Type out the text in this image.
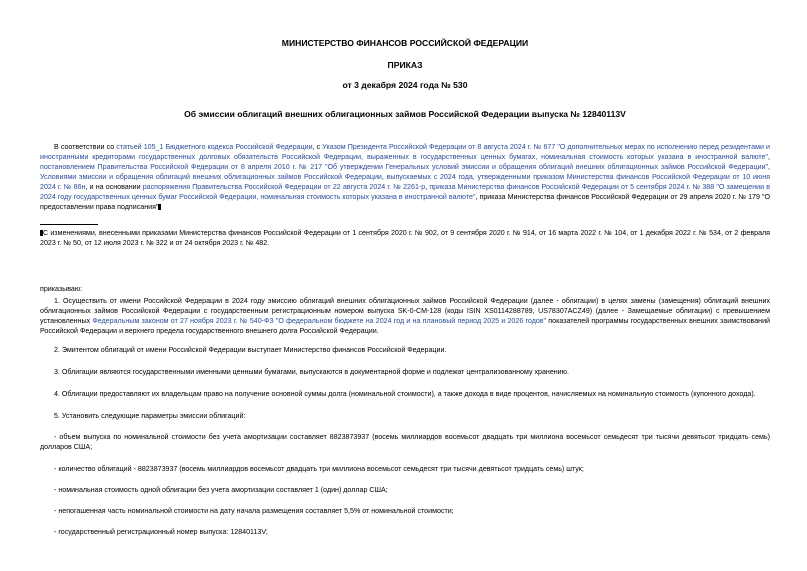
МИНИСТЕРСТВО ФИНАНСОВ РОССИЙСКОЙ ФЕДЕРАЦИИ
ПРИКАЗ
от 3 декабря 2024 года № 530
Об эмиссии облигаций внешних облигационных займов Российской Федерации выпуска № 12840113V
В соответствии со статьей 105_1 Бюджетного кодекса Российской Федерации, с Указом Президента Российской Федерации от 8 августа 2024 г. № 677 "О дополнительных мерах по исполнению перед резидентами и иностранными кредиторами государственных долговых обязательств Российской Федерации, выраженных в государственных ценных бумагах, номинальная стоимость которых указана в иностранной валюте", постановлением Правительства Российской Федерации от 8 апреля 2010 г. № 217 "Об утверждении Генеральных условий эмиссии и обращения облигаций внешних облигационных займов Российской Федерации", Условиями эмиссии и обращения облигаций внешних облигационных займов Российской Федерации, выпускаемых с 2024 года, утвержденными приказом Министерства финансов Российской Федерации от 10 июня 2024 г. № 86н, и на основании распоряжения Правительства Российской Федерации от 22 августа 2024 г. № 2261-р, приказа Министерства финансов Российской Федерации от 5 сентября 2024 г. № 388 "О замещении в 2024 году государственных ценных бумаг Российской Федерации, номинальная стоимость которых указана в иностранной валюте", приказа Министерства финансов Российской Федерации от 29 апреля 2020 г. № 179 "О предоставлении права подписания"
С изменениями, внесенными приказами Министерства финансов Российской Федерации от 1 сентября 2020 г. № 902, от 9 сентября 2020 г. № 914, от 16 марта 2022 г. № 104, от 1 декабря 2022 г. № 534, от 2 февраля 2023 г. № 50, от 12 июля 2023 г. № 322 и от 24 октября 2023 г. № 482.
приказываю:
1. Осуществить от имени Российской Федерации в 2024 году эмиссию облигаций внешних облигационных займов Российской Федерации (далее - облигации) в целях замены (замещения) облигаций внешних облигационных займов Российской Федерации с государственным регистрационным номером выпуска SK-0-CM-128 (коды ISIN XS0114288789, US78307ACZ49) (далее - Замещаемые облигации) с превышением установленных Федеральным законом от 27 ноября 2023 г. № 540-ФЗ "О федеральном бюджете на 2024 год и на плановый период 2025 и 2026 годов" показателей программы государственных внешних заимствований Российской Федерации и верхнего предела государственного внешнего долга Российской Федерации.
2. Эмитентом облигаций от имени Российской Федерации выступает Министерство финансов Российской Федерации.
3. Облигации являются государственными именными ценными бумагами, выпускаются в документарной форме и подлежат централизованному хранению.
4. Облигации предоставляют их владельцам право на получение основной суммы долга (номинальной стоимости), а также дохода в виде процентов, начисляемых на номинальную стоимость (купонного дохода).
5. Установить следующие параметры эмиссии облигаций:
- объем выпуска по номинальной стоимости без учета амортизации составляет 8823873937 (восемь миллиардов восемьсот двадцать три миллиона восемьсот семьдесят три тысячи девятьсот тридцать семь) долларов США;
- количество облигаций - 8823873937 (восемь миллиардов восемьсот двадцать три миллиона восемьсот семьдесят три тысячи девятьсот тридцать семь) штук;
- номинальная стоимость одной облигации без учета амортизации составляет 1 (один) доллар США;
- непогашенная часть номинальной стоимости на дату начала размещения составляет 5,5% от номинальной стоимости;
- государственный регистрационный номер выпуска: 12840113V;
